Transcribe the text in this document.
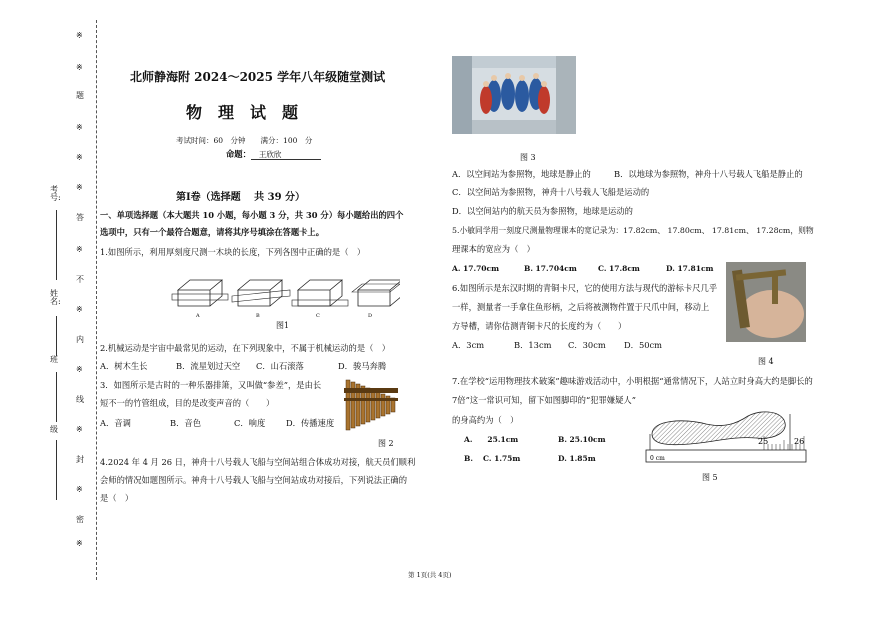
※
※
※
※
※
※
※
※
※
※
※
题
答
不
内
线
封
密
考号:
姓名:
班
级
北师静海附 2024～2025 学年八年级随堂测试
物　理　试　题
考试时间：60　分钟　　满分：100　分
命题： 王欣欣
第Ⅰ卷（选择题　 共 39 分）
一、单项选择题（本大题共 10 小题，每小题 3 分，共 30 分）每小题给出的四个
选项中，只有一个最符合题意，请将其序号填涂在答题卡上。
1.如图所示，利用厚刻度尺测一木块的长度，下列各图中正确的是（　）
A	B	C	D
图1
2.机械运动是宇宙中最常见的运动，在下列现象中，不属于机械运动的是（　）
A．树木生长	B．流星划过天空 C．山石滚落	D．骏马奔腾
3．如图所示是古时的一种乐器排箫，又叫做“参差”，是由长
短不一的竹管组成，目的是改变声音的（　　）
A．音调	B．音色	C．响度	D．传播速度
图 2
4.2024 年 4 月 26 日，神舟十八号载人飞船与空间站组合体成功对接，航天员们顺利
会师的情况如题图所示。神舟十八号载人飞船与空间站成功对接后，下列说法正确的
是（　）
图 3
A．以空间站为参照物，地球是静止的	B．以地球为参照物，神舟十八号载人飞船是静止的
C．以空间站为参照物，神舟十八号载人飞船是运动的
D．以空间站内的航天员为参照物，地球是运动的
5.小敏同学用一刻度尺测量物理课本的宽记录为：17.82cm、 17.80cm、 17.81cm、 17.28cm，则物
理课本的宽应为（　）
A. 17.70cm	B. 17.704cm	C. 17.8cm	D. 17.81cm
6.如图所示是东汉时期的青铜卡尺，它的使用方法与现代的游标卡尺几乎
一样，测量者一手拿住鱼形柄，之后将被测物件置于尺爪中间，移动上
方导槽，请你估测青铜卡尺的长度约为（　　）
A．3cm	B．13cm C．30cm D．50cm
图 4
7.在学校“运用物理技术破案”趣味游戏活动中，小明根据“通常情况下，人站立时身高大约是脚长的
7倍”这一常识可知，留下如图脚印的“犯罪嫌疑人”
的身高约为（　）
A.　　25.1cm	B. 25.10cm
B.　 C. 1.75m	D. 1.85m
25	26
0 cm
图 5
第 1页(共 4页)
